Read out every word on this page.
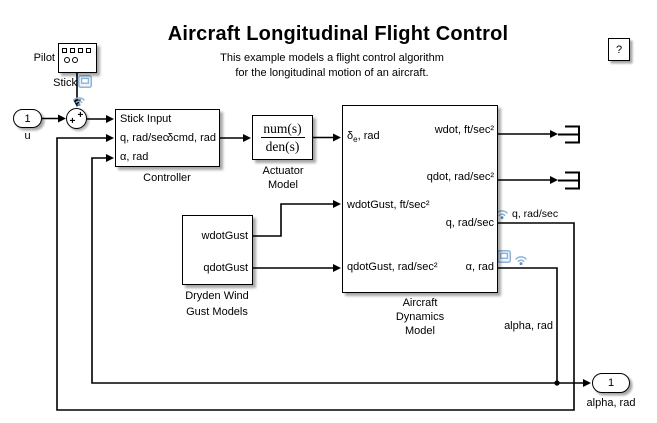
Aircraft Longitudinal Flight Control
This example models a flight control algorithm
for the longitudinal motion of an aircraft.
?
Pilot
Stick
1
u
+
+	Stick Input
q, rad/sec
α, rad
δcmd, rad
Controller
num(s)
den(s)
Actuator
Model
$\delta_e$, rad
wdotGust, ft/sec²
qdotGust, rad/sec²
wdot, ft/sec²
qdot, rad/sec²
q, rad/sec
α, rad
Aircraft
Dynamics
Model
wdotGust
qdotGust
Dryden Wind
Gust Models
q, rad/sec
alpha, rad
1
alpha, rad
